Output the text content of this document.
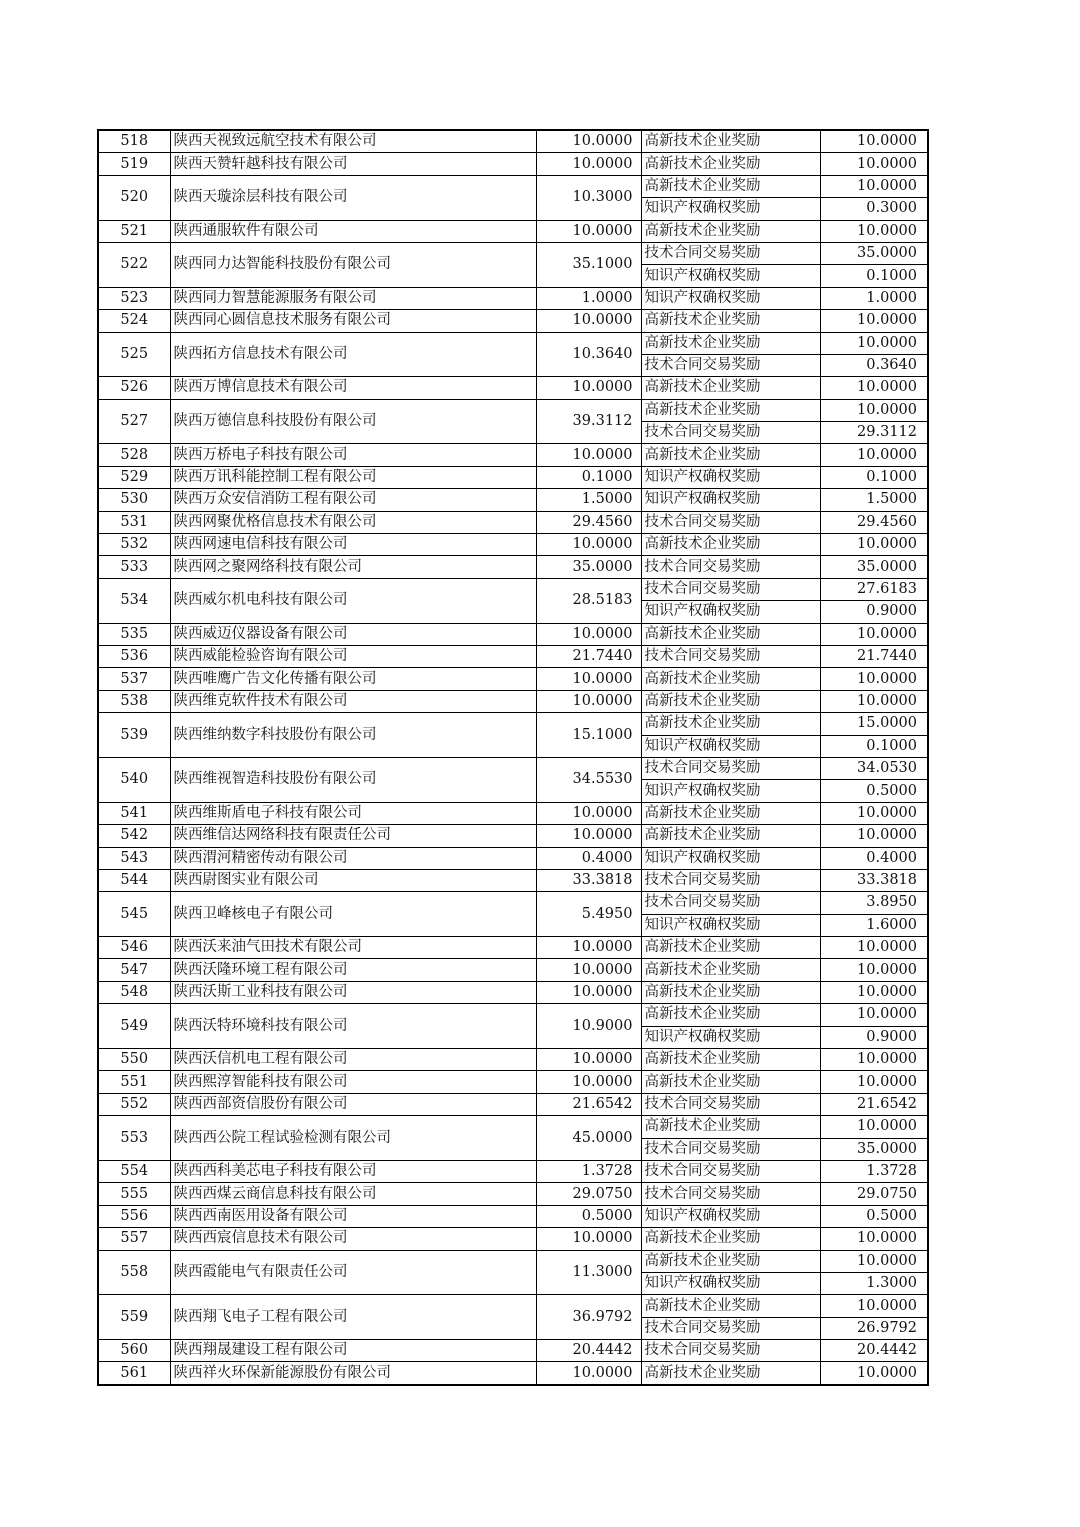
518	陕西天视致远航空技术有限公司	10.0000	高新技术企业奖励	10.0000
519	陕西天赞轩越科技有限公司	10.0000	高新技术企业奖励	10.0000
520	陕西天璇涂层科技有限公司	10.3000	高新技术企业奖励	10.0000
			知识产权确权奖励	0.3000
521	陕西通服软件有限公司	10.0000	高新技术企业奖励	10.0000
522	陕西同力达智能科技股份有限公司	35.1000	技术合同交易奖励	35.0000
			知识产权确权奖励	0.1000
523	陕西同力智慧能源服务有限公司	1.0000	知识产权确权奖励	1.0000
524	陕西同心圆信息技术服务有限公司	10.0000	高新技术企业奖励	10.0000
525	陕西拓方信息技术有限公司	10.3640	高新技术企业奖励	10.0000
			技术合同交易奖励	0.3640
526	陕西万博信息技术有限公司	10.0000	高新技术企业奖励	10.0000
527	陕西万德信息科技股份有限公司	39.3112	高新技术企业奖励	10.0000
			技术合同交易奖励	29.3112
528	陕西万桥电子科技有限公司	10.0000	高新技术企业奖励	10.0000
529	陕西万讯科能控制工程有限公司	0.1000	知识产权确权奖励	0.1000
530	陕西万众安信消防工程有限公司	1.5000	知识产权确权奖励	1.5000
531	陕西网聚优格信息技术有限公司	29.4560	技术合同交易奖励	29.4560
532	陕西网速电信科技有限公司	10.0000	高新技术企业奖励	10.0000
533	陕西网之聚网络科技有限公司	35.0000	技术合同交易奖励	35.0000
534	陕西威尔机电科技有限公司	28.5183	技术合同交易奖励	27.6183
			知识产权确权奖励	0.9000
535	陕西威迈仪器设备有限公司	10.0000	高新技术企业奖励	10.0000
536	陕西威能检验咨询有限公司	21.7440	技术合同交易奖励	21.7440
537	陕西唯鹰广告文化传播有限公司	10.0000	高新技术企业奖励	10.0000
538	陕西维克软件技术有限公司	10.0000	高新技术企业奖励	10.0000
539	陕西维纳数字科技股份有限公司	15.1000	高新技术企业奖励	15.0000
			知识产权确权奖励	0.1000
540	陕西维视智造科技股份有限公司	34.5530	技术合同交易奖励	34.0530
			知识产权确权奖励	0.5000
541	陕西维斯盾电子科技有限公司	10.0000	高新技术企业奖励	10.0000
542	陕西维信达网络科技有限责任公司	10.0000	高新技术企业奖励	10.0000
543	陕西渭河精密传动有限公司	0.4000	知识产权确权奖励	0.4000
544	陕西尉图实业有限公司	33.3818	技术合同交易奖励	33.3818
545	陕西卫峰核电子有限公司	5.4950	技术合同交易奖励	3.8950
			知识产权确权奖励	1.6000
546	陕西沃来油气田技术有限公司	10.0000	高新技术企业奖励	10.0000
547	陕西沃隆环境工程有限公司	10.0000	高新技术企业奖励	10.0000
548	陕西沃斯工业科技有限公司	10.0000	高新技术企业奖励	10.0000
549	陕西沃特环境科技有限公司	10.9000	高新技术企业奖励	10.0000
			知识产权确权奖励	0.9000
550	陕西沃信机电工程有限公司	10.0000	高新技术企业奖励	10.0000
551	陕西熙淳智能科技有限公司	10.0000	高新技术企业奖励	10.0000
552	陕西西部资信股份有限公司	21.6542	技术合同交易奖励	21.6542
553	陕西西公院工程试验检测有限公司	45.0000	高新技术企业奖励	10.0000
			技术合同交易奖励	35.0000
554	陕西西科美芯电子科技有限公司	1.3728	技术合同交易奖励	1.3728
555	陕西西煤云商信息科技有限公司	29.0750	技术合同交易奖励	29.0750
556	陕西西南医用设备有限公司	0.5000	知识产权确权奖励	0.5000
557	陕西西宸信息技术有限公司	10.0000	高新技术企业奖励	10.0000
558	陕西霞能电气有限责任公司	11.3000	高新技术企业奖励	10.0000
			知识产权确权奖励	1.3000
559	陕西翔飞电子工程有限公司	36.9792	高新技术企业奖励	10.0000
			技术合同交易奖励	26.9792
560	陕西翔晟建设工程有限公司	20.4442	技术合同交易奖励	20.4442
561	陕西祥火环保新能源股份有限公司	10.0000	高新技术企业奖励	10.0000
